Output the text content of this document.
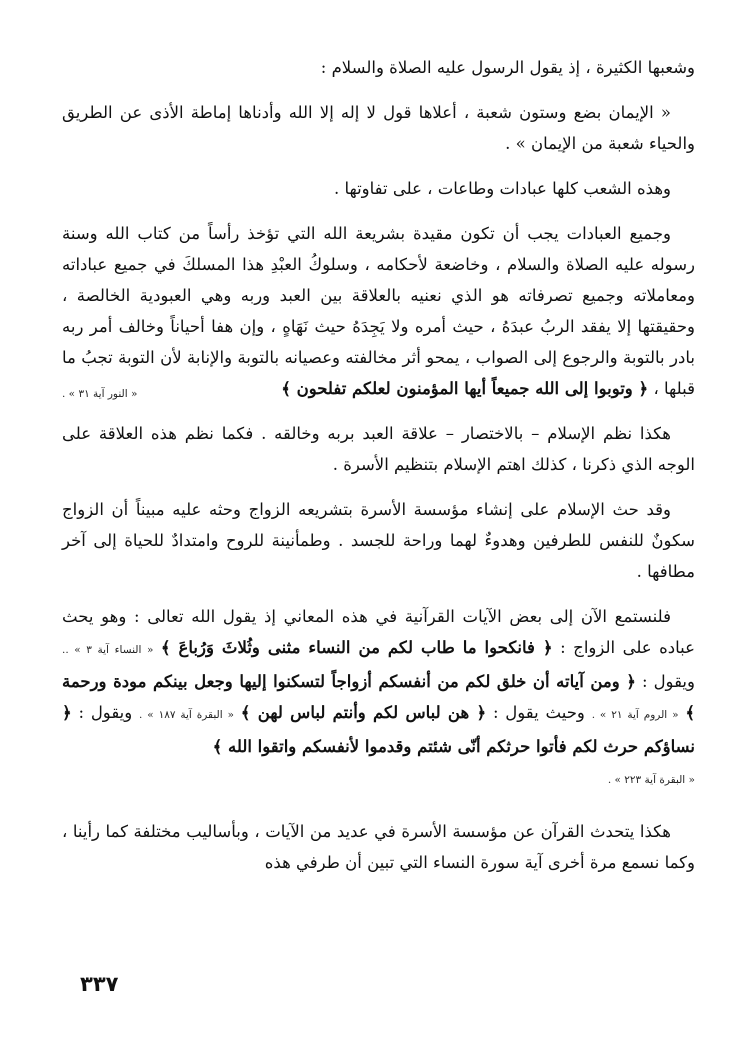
وشعبها الكثيرة ، إذ يقول الرسول عليه الصلاة والسلام :

« الإيمان بضع وستون شعبة ، أعلاها قول لا إله إلا الله وأدناها إماطة الأذى عن الطريق والحياء شعبة من الإيمان » .

وهذه الشعب كلها عبادات وطاعات ، على تفاوتها .

وجميع العبادات يجب أن تكون مقيدة بشريعة الله التي تؤخذ رأساً من كتاب الله وسنة رسوله عليه الصلاة والسلام ، وخاضعة لأحكامه ، وسلوكُ العبْدِ هذا المسلكَ في جميع عباداته ومعاملاته وجميع تصرفاته هو الذي نعنيه بالعلاقة بين العبد وربه وهي العبودية الخالصة ، وحقيقتها إلا يفقد الربُ عبدَهُ ، حيث أمره ولا يَجِدَهُ حيث نَهَاهٍ ، وإن هفا أحياناً وخالف أمر ربه بادر بالتوبة والرجوع إلى الصواب ، يمحو أثر مخالفته وعصيانه بالتوبة والإنابة لأن التوبة تجبُ ما قبلها ، ﴿ وتوبوا إلى الله جميعاً أيها المؤمنون لعلكم تفلحون ﴾
« النور آية ٣١ » .

هكذا نظم الإسلام – بالاختصار – علاقة العبد بربه وخالقه . فكما نظم هذه العلاقة على الوجه الذي ذكرنا ، كذلك اهتم الإسلام بتنظيم الأسرة .

وقد حث الإسلام على إنشاء مؤسسة الأسرة بتشريعه الزواج وحثه عليه مبيناً أن الزواج سكونٌ للنفس للطرفين وهدوءٌ لهما وراحة للجسد . وطمأنينة للروح وامتدادٌ للحياة إلى آخر مطافها .

فلنستمع الآن إلى بعض الآيات القرآنية في هذه المعاني إذ يقول الله تعالى : وهو يحث عباده على الزواج : ﴿ فانكحوا ما طاب لكم من النساء مثنى وثُلاثَ وَرُباعَ ﴾ « النساء آية ٣ » .. ويقول : ﴿ ومن آياته أن خلق لكم من أنفسكم أزواجاً لتسكنوا إليها وجعل بينكم مودة ورحمة ﴾ « الروم آية ٢١ » . وحيث يقول : ﴿ هن لباس لكم وأنتم لباس لهن ﴾ « البقرة آية ١٨٧ » . ويقول : ﴿ نساؤكم حرث لكم فأتوا حرثكم أنّى شئتم وقدموا لأنفسكم واتقوا الله ﴾
« البقرة آية ٢٢٣ » .

هكذا يتحدث القرآن عن مؤسسة الأسرة في عديد من الآيات ، وبأساليب مختلفة كما رأينا ، وكما نسمع مرة أخرى آية سورة النساء التي تبين أن طرفي هذه

٣٣٧
